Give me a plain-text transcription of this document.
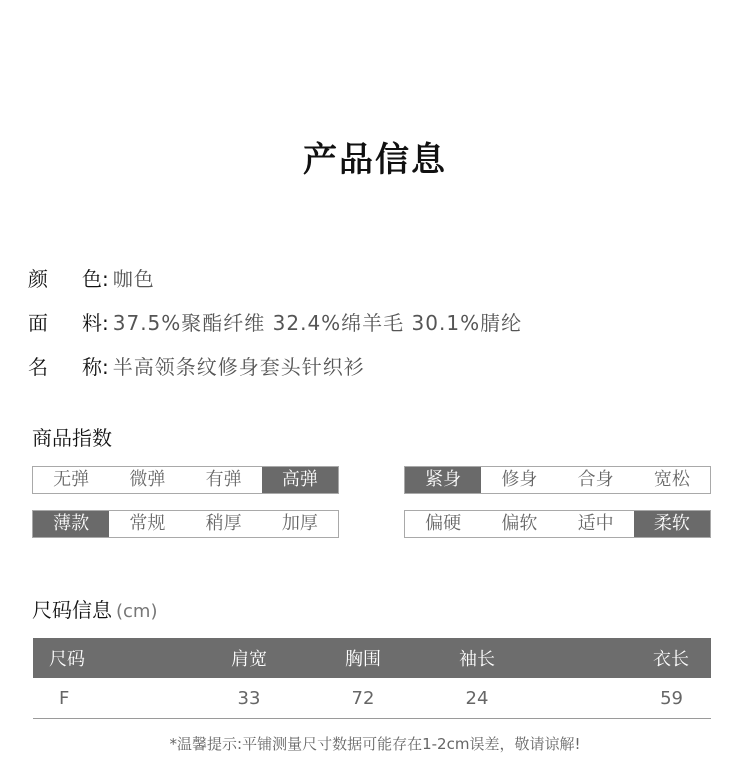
产品信息
颜 色: 咖色
面 料: 37.5%聚酯纤维 32.4%绵羊毛 30.1%腈纶
名 称: 半高领条纹修身套头针织衫
商品指数
无弹	微弹	有弹	高弹	紧身	修身	合身	宽松
薄款	常规	稍厚	加厚	偏硬	偏软	适中	柔软
尺码信息 (cm)
尺码	肩宽	胸围	袖长	衣长
F	33	72	24	59
*温馨提示:平铺测量尺寸数据可能存在1-2cm误差，敬请谅解!
